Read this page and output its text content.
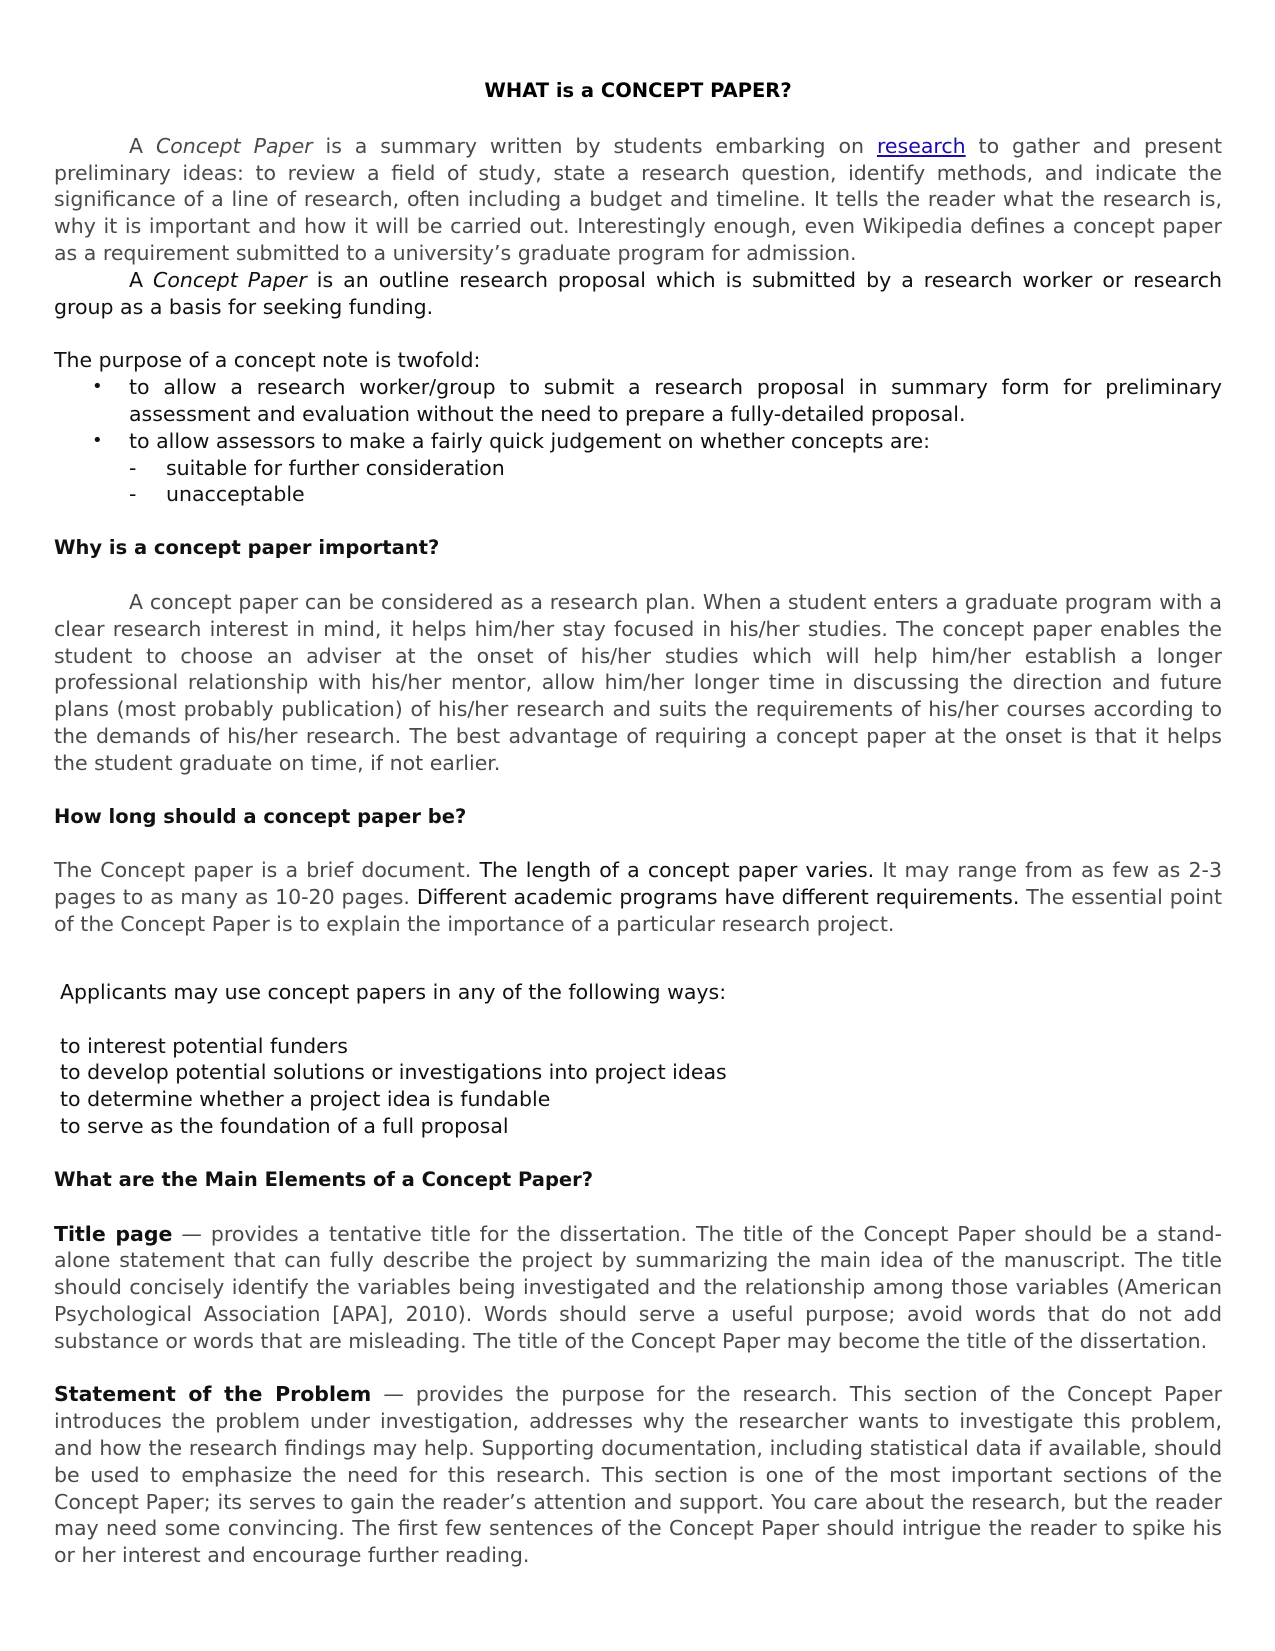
WHAT is a CONCEPT PAPER?

A Concept Paper is a summary written by students embarking on research to gather and present preliminary ideas: to review a field of study, state a research question, identify methods, and indicate the significance of a line of research, often including a budget and timeline. It tells the reader what the research is, why it is important and how it will be carried out. Interestingly enough, even Wikipedia defines a concept paper as a requirement submitted to a university’s graduate program for admission.

A Concept Paper is an outline research proposal which is submitted by a research worker or research group as a basis for seeking funding.

The purpose of a concept note is twofold:

• to allow a research worker/group to submit a research proposal in summary form for preliminary assessment and evaluation without the need to prepare a fully-detailed proposal.
• to allow assessors to make a fairly quick judgement on whether concepts are:
- suitable for further consideration
- unacceptable

Why is a concept paper important?

A concept paper can be considered as a research plan. When a student enters a graduate program with a clear research interest in mind, it helps him/her stay focused in his/her studies. The concept paper enables the student to choose an adviser at the onset of his/her studies which will help him/her establish a longer professional relationship with his/her mentor, allow him/her longer time in discussing the direction and future plans (most probably publication) of his/her research and suits the requirements of his/her courses according to the demands of his/her research. The best advantage of requiring a concept paper at the onset is that it helps the student graduate on time, if not earlier.

How long should a concept paper be?

The Concept paper is a brief document. The length of a concept paper varies. It may range from as few as 2-3 pages to as many as 10-20 pages. Different academic programs have different requirements. The essential point of the Concept Paper is to explain the importance of a particular research project.

Applicants may use concept papers in any of the following ways:

to interest potential funders
to develop potential solutions or investigations into project ideas
to determine whether a project idea is fundable
to serve as the foundation of a full proposal

What are the Main Elements of a Concept Paper?

Title page — provides a tentative title for the dissertation. The title of the Concept Paper should be a stand-alone statement that can fully describe the project by summarizing the main idea of the manuscript. The title should concisely identify the variables being investigated and the relationship among those variables (American Psychological Association [APA], 2010). Words should serve a useful purpose; avoid words that do not add substance or words that are misleading. The title of the Concept Paper may become the title of the dissertation.

Statement of the Problem — provides the purpose for the research. This section of the Concept Paper introduces the problem under investigation, addresses why the researcher wants to investigate this problem, and how the research findings may help. Supporting documentation, including statistical data if available, should be used to emphasize the need for this research. This section is one of the most important sections of the Concept Paper; its serves to gain the reader’s attention and support. You care about the research, but the reader may need some convincing. The first few sentences of the Concept Paper should intrigue the reader to spike his or her interest and encourage further reading.
